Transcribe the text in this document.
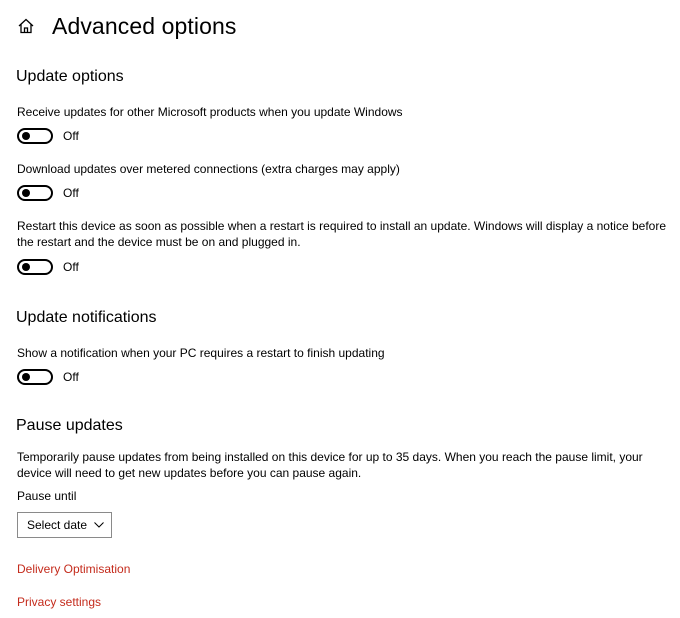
Advanced options
Update options
Receive updates for other Microsoft products when you update Windows
Off
Download updates over metered connections (extra charges may apply)
Off
Restart this device as soon as possible when a restart is required to install an update. Windows will display a notice before the restart and the device must be on and plugged in.
Off
Update notifications
Show a notification when your PC requires a restart to finish updating
Off
Pause updates
Temporarily pause updates from being installed on this device for up to 35 days. When you reach the pause limit, your device will need to get new updates before you can pause again.
Pause until
Select date
Delivery Optimisation
Privacy settings
